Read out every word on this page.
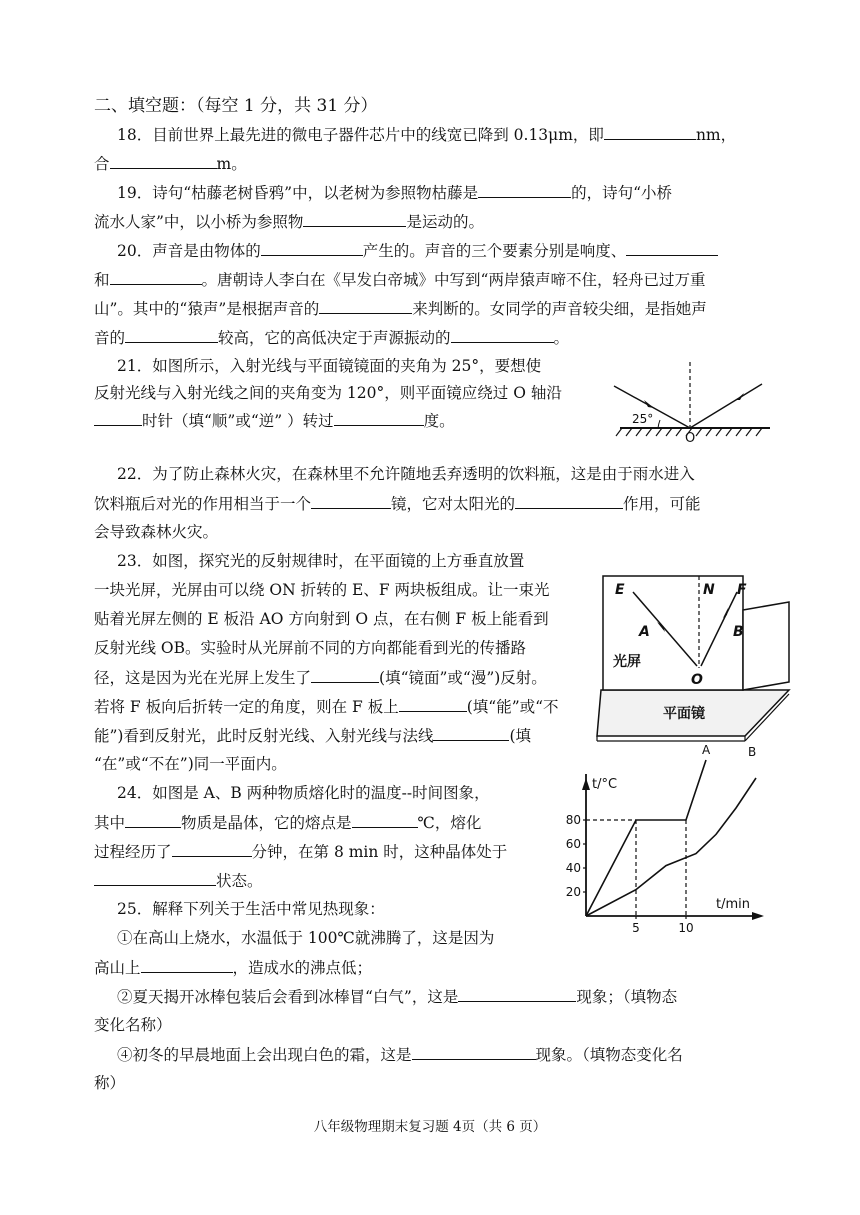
二、填空题：（每空 1 分，共 31 分）
18．目前世界上最先进的微电子器件芯片中的线宽已降到 0.13μm，即	nm，
合	m。
19．诗句“枯藤老树昏鸦”中，以老树为参照物枯藤是	的，诗句“小桥
流水人家”中，以小桥为参照物	是运动的。
20．声音是由物体的	产生的。声音的三个要素分别是响度、
和	。唐朝诗人李白在《早发白帝城》中写到“两岸猿声啼不住，轻舟已过万重
山”。其中的“猿声”是根据声音的	来判断的。女同学的声音较尖细，是指她声
音的	较高，它的高低决定于声源振动的	。
21．如图所示，入射光线与平面镜镜面的夹角为 25°，要想使
反射光线与入射光线之间的夹角变为 120°，则平面镜应绕过 O 轴沿
时针（填“顺”或“逆” ）转过	度。	25°
O
22．为了防止森林火灾，在森林里不允许随地丢弃透明的饮料瓶，这是由于雨水进入
饮料瓶后对光的作用相当于一个	镜，它对太阳光的	作用，可能
会导致森林火灾。
23．如图，探究光的反射规律时，在平面镜的上方垂直放置
一块光屏，光屏由可以绕 ON 折转的 E、F 两块板组成。让一束光
贴着光屏左侧的 E 板沿 AO 方向射到 O 点，在右侧 F 板上能看到
反射光线 OB。实验时从光屏前不同的方向都能看到光的传播路
径，这是因为光在光屏上发生了	(填“镜面”或“漫”)反射。
若将 F 板向后折转一定的角度，则在 F 板上	(填“能”或“不
能”)看到反射光，此时反射光线、入射光线与法线	(填
“在”或“不在”)同一平面内。
E	N F
A	B
O
光屏
平面镜
24．如图是 A、B 两种物质熔化时的温度--时间图象，
其中	物质是晶体，它的熔点是	℃，熔化
过程经历了	分钟，在第 8 min 时，这种晶体处于
状态。
t/°C
t/min
20
40
60
80
5	10
A	B
25．解释下列关于生活中常见热现象：
①在高山上烧水，水温低于 100℃就沸腾了，这是因为
高山上	，造成水的沸点低；
②夏天揭开冰棒包装后会看到冰棒冒“白气”，这是	现象；（填物态
变化名称）
④初冬的早晨地面上会出现白色的霜，这是	现象。（填物态变化名
称）
八年级物理期末复习题 4页（共 6 页）
